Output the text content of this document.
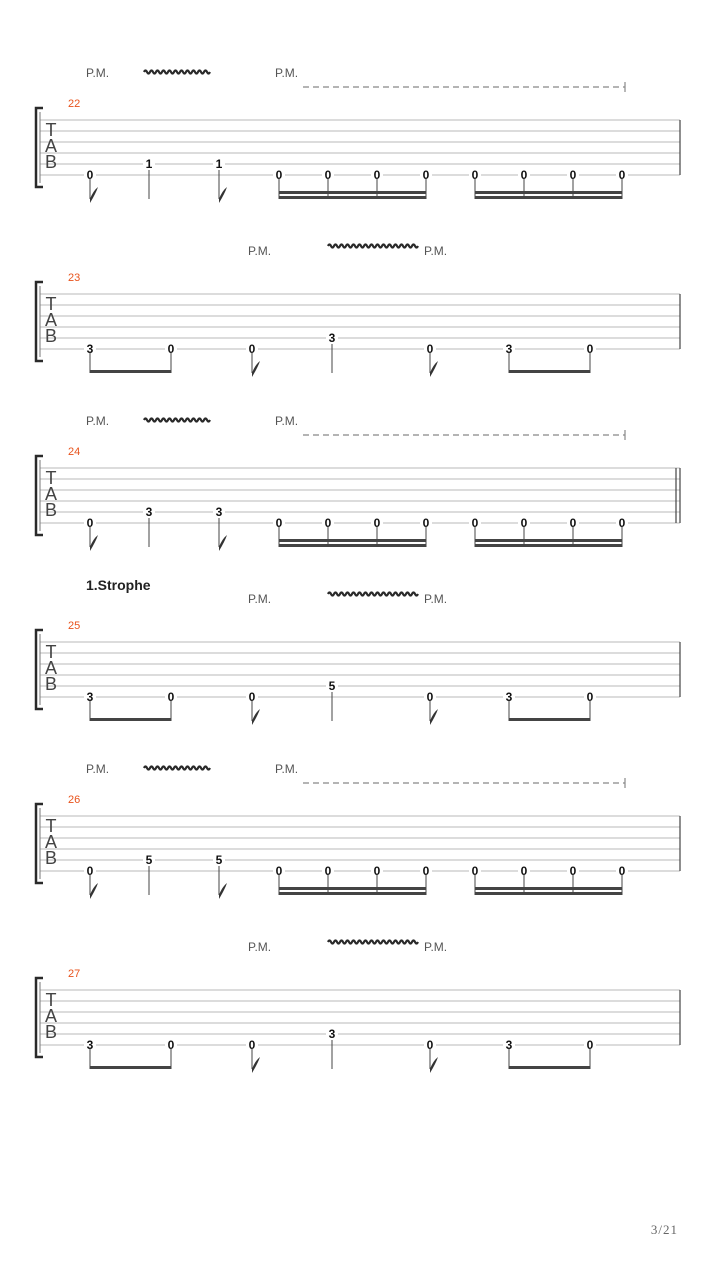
T
A
B
22
P.M.	P.M.
0
1	1
0	0	0	0	0	0	0	0
T
A
B
23
P.M.	P.M.
3	0	0
3
0	3	0
T
A
B
24
P.M.	P.M.
0
3	3
0	0	0	0	0	0	0	0
T
A
B
25
1.Strophe
P.M.	P.M.
3	0	0
5
0	3	0
T
A
B
26
P.M.	P.M.
0
5	5
0	0	0	0	0	0	0	0
T
A
B
27
P.M.	P.M.
3	0	0
3
0	3	0
3/21
